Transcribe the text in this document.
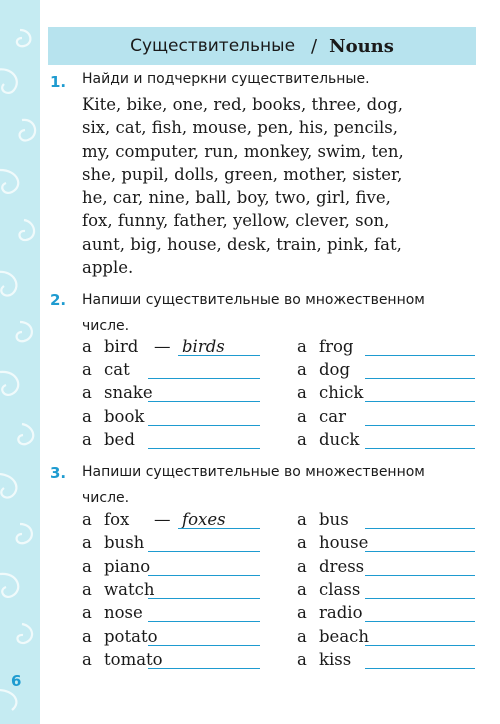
6
Существительные / Nouns
1. Найди и подчеркни существительные.
Kite, bike, one, red, books, three, dog,
six, cat, fish, mouse, pen, his, pencils,
my, computer, run, monkey, swim, ten,
she, pupil, dolls, green, mother, sister,
he, car, nine, ball, boy, two, girl, five,
fox, funny, father, yellow, clever, son,
aunt, big, house, desk, train, pink, fat,
apple.
2. Напиши существительные во множественном
числе.
a bird — birds
a cat
a snake
a book
a bed
a frog
a dog
a chick
a car
a duck
3. Напиши существительные во множественном
числе.
a fox — foxes
a bush
a piano
a watch
a nose
a potato
a tomato
a bus
a house
a dress
a class
a radio
a beach
a kiss
